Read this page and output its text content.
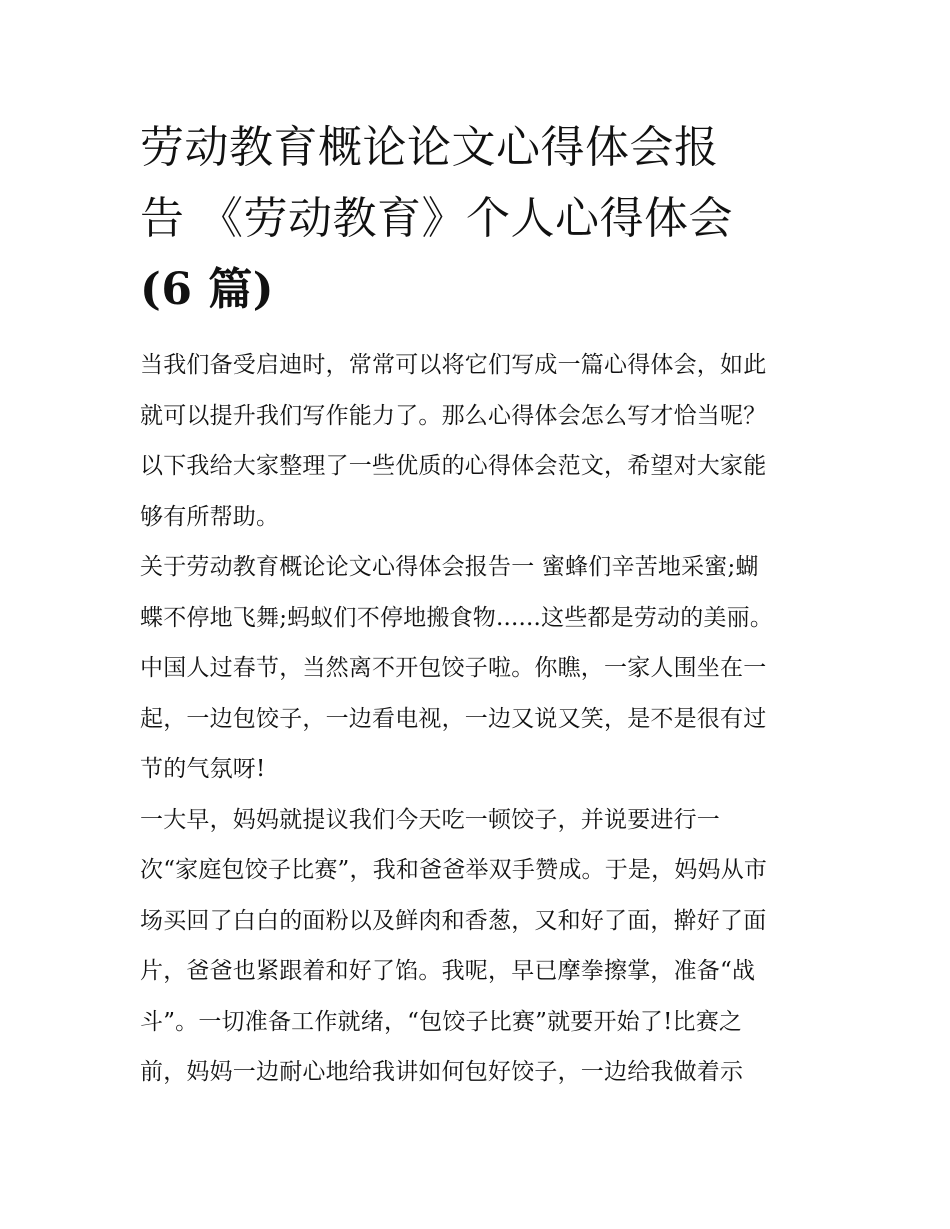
劳动教育概论论文心得体会报
告 《劳动教育》个人心得体会
(6 篇)
当我们备受启迪时，常常可以将它们写成一篇心得体会，如此
就可以提升我们写作能力了。那么心得体会怎么写才恰当呢？
以下我给大家整理了一些优质的心得体会范文，希望对大家能
够有所帮助。
关于劳动教育概论论文心得体会报告一 蜜蜂们辛苦地采蜜;蝴
蝶不停地飞舞;蚂蚁们不停地搬食物......这些都是劳动的美丽。
中国人过春节，当然离不开包饺子啦。你瞧，一家人围坐在一
起，一边包饺子，一边看电视，一边又说又笑，是不是很有过
节的气氛呀!
一大早，妈妈就提议我们今天吃一顿饺子，并说要进行一
次“家庭包饺子比赛”，我和爸爸举双手赞成。于是，妈妈从市
场买回了白白的面粉以及鲜肉和香葱，又和好了面，擀好了面
片，爸爸也紧跟着和好了馅。我呢，早已摩拳擦掌，准备“战
斗”。一切准备工作就绪，“包饺子比赛”就要开始了!比赛之
前，妈妈一边耐心地给我讲如何包好饺子，一边给我做着示
